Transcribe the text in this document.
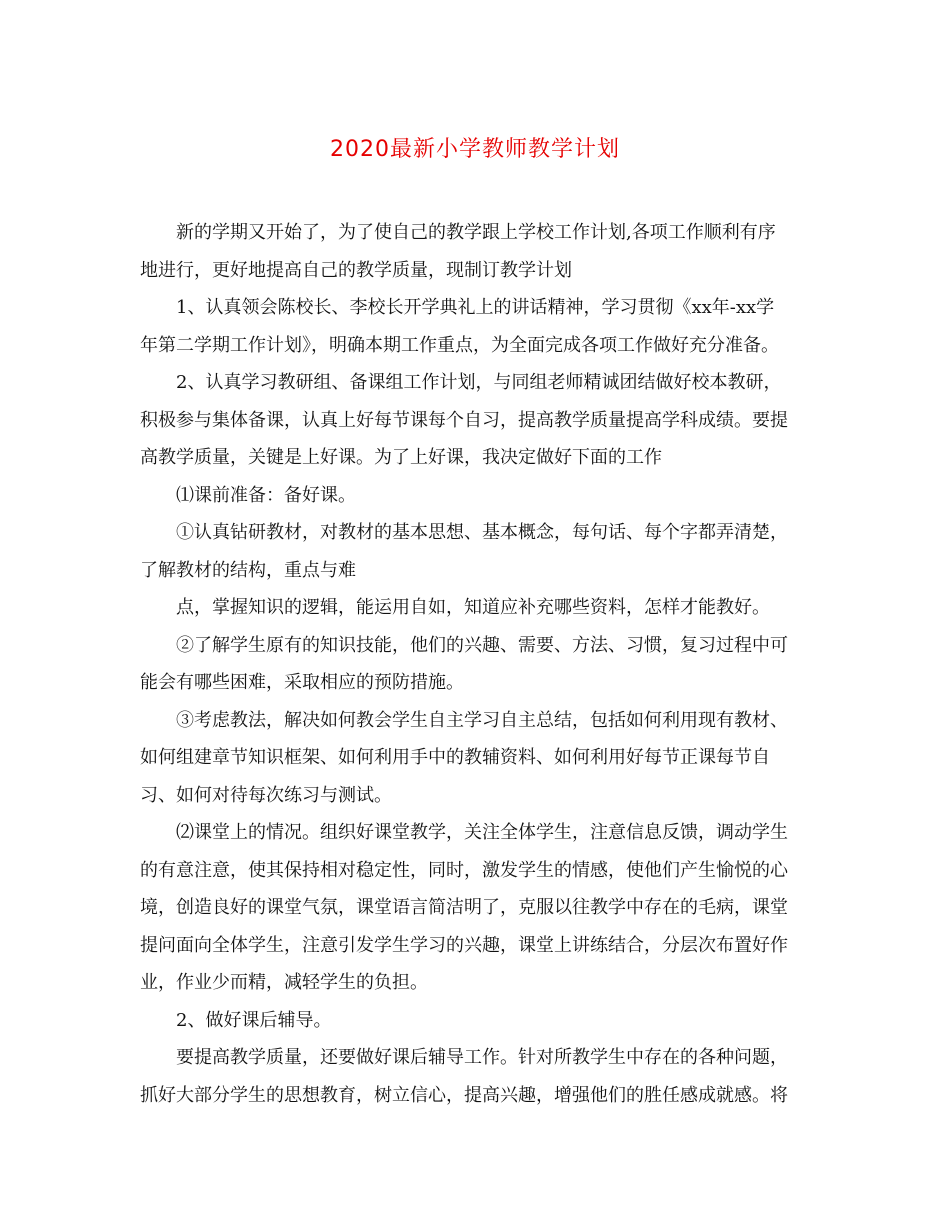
2020最新小学教师教学计划
新的学期又开始了，为了使自己的教学跟上学校工作计划,各项工作顺利有序
地进行，更好地提高自己的教学质量，现制订教学计划
1、认真领会陈校长、李校长开学典礼上的讲话精神，学习贯彻《xx年-xx学
年第二学期工作计划》，明确本期工作重点，为全面完成各项工作做好充分准备。
2、认真学习教研组、备课组工作计划，与同组老师精诚团结做好校本教研，
积极参与集体备课，认真上好每节课每个自习，提高教学质量提高学科成绩。要提
高教学质量，关键是上好课。为了上好课，我决定做好下面的工作
⑴课前准备：备好课。
①认真钻研教材，对教材的基本思想、基本概念，每句话、每个字都弄清楚，
了解教材的结构，重点与难
点，掌握知识的逻辑，能运用自如，知道应补充哪些资料，怎样才能教好。
②了解学生原有的知识技能，他们的兴趣、需要、方法、习惯，复习过程中可
能会有哪些困难，采取相应的预防措施。
③考虑教法，解决如何教会学生自主学习自主总结，包括如何利用现有教材、
如何组建章节知识框架、如何利用手中的教辅资料、如何利用好每节正课每节自
习、如何对待每次练习与测试。
⑵课堂上的情况。组织好课堂教学，关注全体学生，注意信息反馈，调动学生
的有意注意，使其保持相对稳定性，同时，激发学生的情感，使他们产生愉悦的心
境，创造良好的课堂气氛，课堂语言简洁明了，克服以往教学中存在的毛病，课堂
提问面向全体学生，注意引发学生学习的兴趣，课堂上讲练结合，分层次布置好作
业，作业少而精，减轻学生的负担。
2、做好课后辅导。
要提高教学质量，还要做好课后辅导工作。针对所教学生中存在的各种问题，
抓好大部分学生的思想教育，树立信心，提高兴趣，增强他们的胜任感成就感。将
